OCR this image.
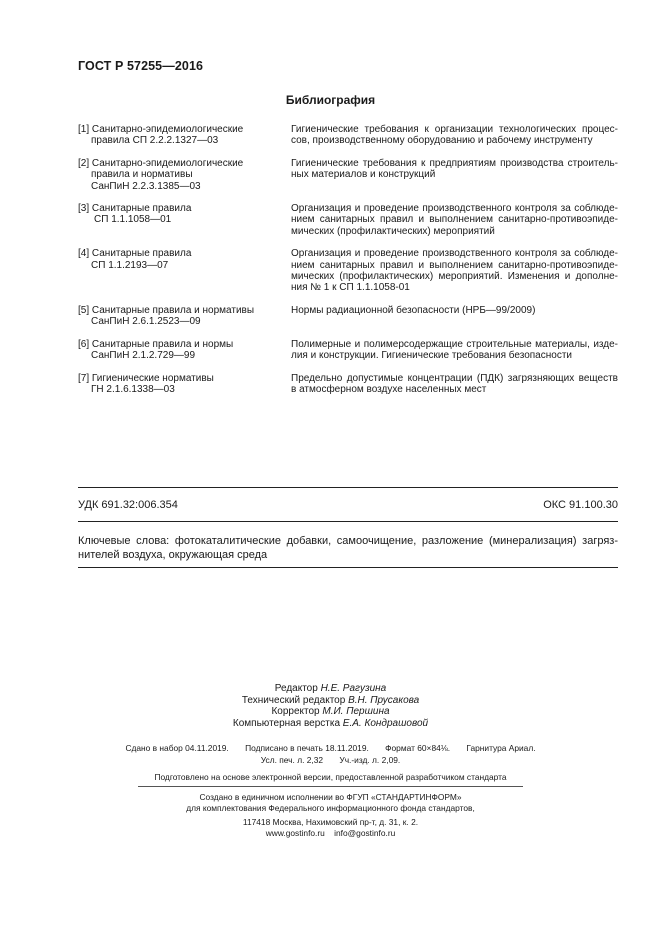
ГОСТ Р 57255—2016
Библиография
[1] Санитарно-эпидемиологические
правила СП 2.2.2.1327—03
Гигиенические требования к организации технологических процес-
сов, производственному оборудованию и рабочему инструменту
[2] Санитарно-эпидемиологические
правила и нормативы
СанПиН 2.2.3.1385—03
Гигиенические требования к предприятиям производства строитель-
ных материалов и конструкций
[3] Санитарные правила
СП 1.1.1058—01
Организация и проведение производственного контроля за соблюде-
нием санитарных правил и выполнением санитарно-противоэпиде-
мических (профилактических) мероприятий
[4] Санитарные правила
СП 1.1.2193—07
Организация и проведение производственного контроля за соблюде-
нием санитарных правил и выполнением санитарно-противоэпиде-
мических (профилактических) мероприятий. Изменения и дополне-
ния № 1 к СП 1.1.1058-01
[5] Санитарные правила и нормативы
СанПиН 2.6.1.2523—09
Нормы радиационной безопасности (НРБ—99/2009)
[6] Санитарные правила и нормы
СанПиН 2.1.2.729—99
Полимерные и полимерсодержащие строительные материалы, изде-
лия и конструкции. Гигиенические требования безопасности
[7] Гигиенические нормативы
ГН 2.1.6.1338—03
Предельно допустимые концентрации (ПДК) загрязняющих веществ
в атмосферном воздухе населенных мест
УДК 691.32:006.354	ОКС 91.100.30
Ключевые слова: фотокаталитические добавки, самоочищение, разложение (минерализация) загряз-
нителей воздуха, окружающая среда
Редактор Н.Е. Рагузина
Технический редактор В.Н. Прусакова
Корректор М.И. Першина
Компьютерная верстка Е.А. Кондрашовой
Сдано в набор 04.11.2019. Подписано в печать 18.11.2019. Формат 60×84⅛. Гарнитура Ариал.
Усл. печ. л. 2,32 Уч.-изд. л. 2,09.
Подготовлено на основе электронной версии, предоставленной разработчиком стандарта
Создано в единичном исполнении во ФГУП «СТАНДАРТИНФОРМ»
для комплектования Федерального информационного фонда стандартов,
117418 Москва, Нахимовский пр-т, д. 31, к. 2.
www.gostinfo.ru info@gostinfo.ru
